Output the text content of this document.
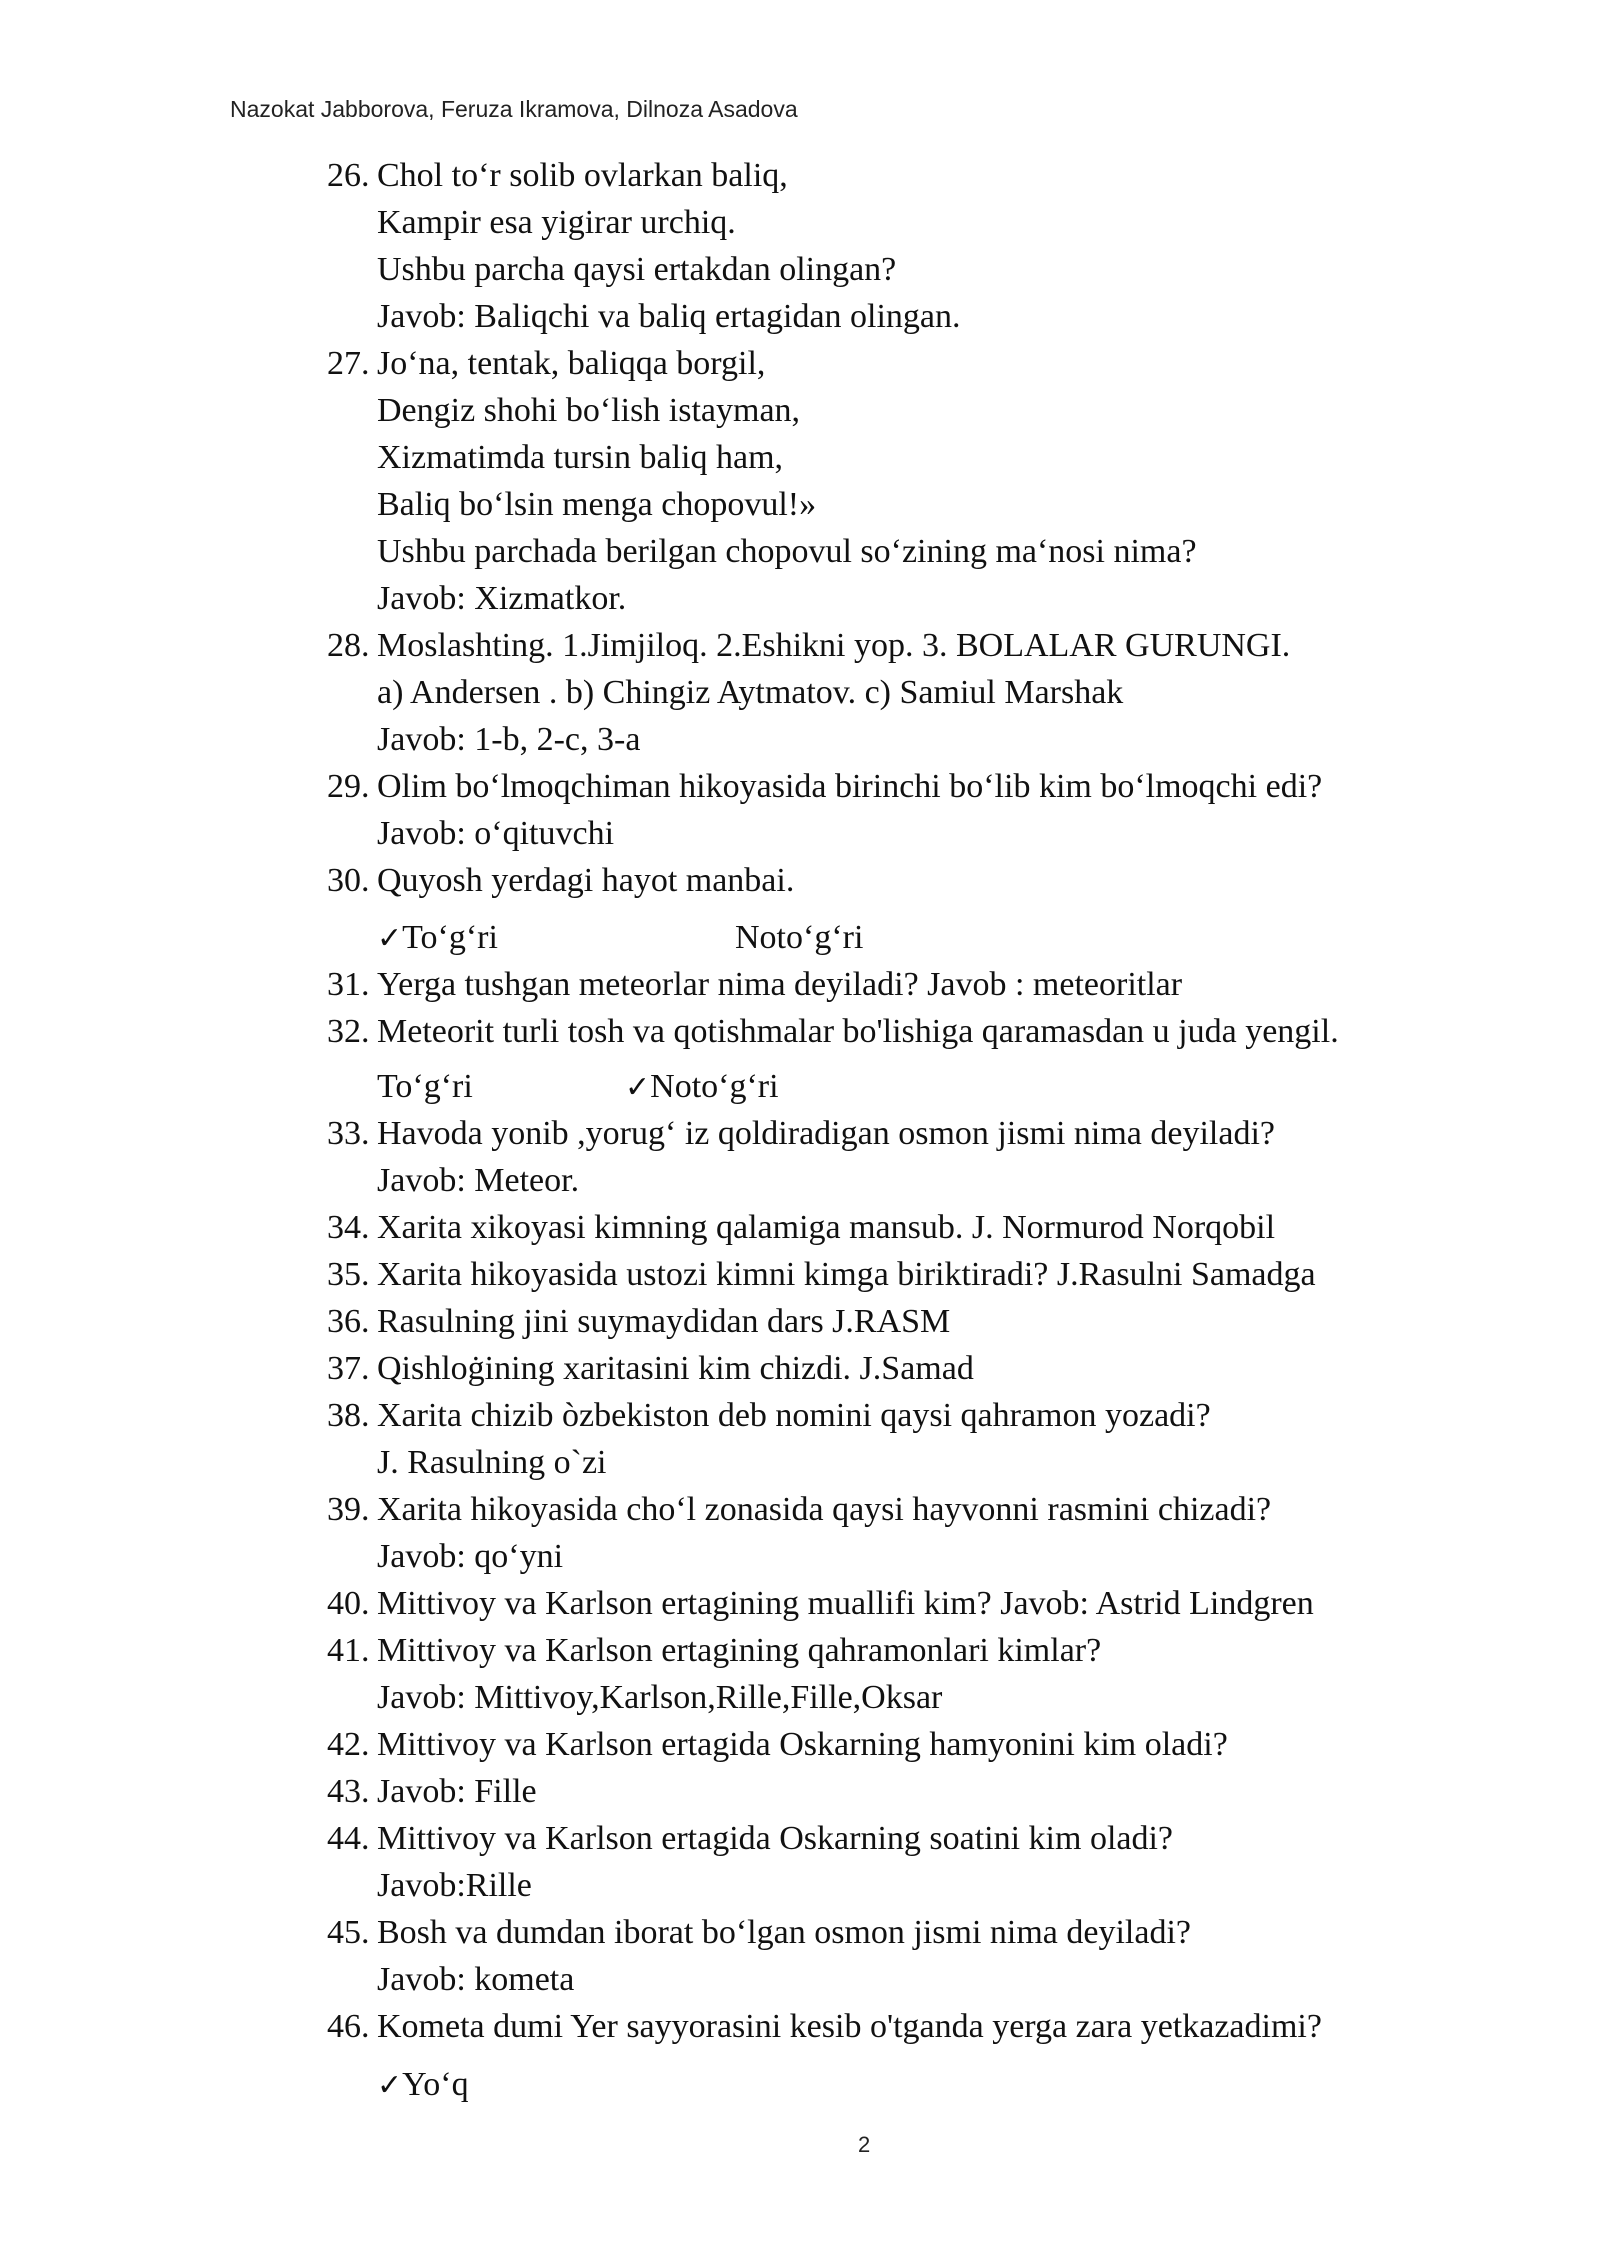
Nazokat Jabborova, Feruza Ikramova, Dilnoza Asadova
26. Chol to‘r solib ovlarkan baliq,
Kampir esa yigirar urchiq.
Ushbu parcha qaysi ertakdan olingan?
Javob: Baliqchi va baliq ertagidan olingan.
27. Jo‘na, tentak, baliqqa borgil,
Dengiz shohi bo‘lish istayman,
Xizmatimda tursin baliq ham,
Baliq bo‘lsin menga chopovul!»
Ushbu parchada berilgan chopovul so‘zining ma‘nosi nima?
Javob: Xizmatkor.
28. Moslashting. 1.Jimjiloq. 2.Eshikni yop. 3. BOLALAR GURUNGI.
a) Andersen . b) Chingiz Aytmatov. c) Samiul Marshak
Javob: 1-b, 2-c, 3-a
29. Olim bo‘lmoqchiman hikoyasida birinchi bo‘lib kim bo‘lmoqchi edi?
Javob: o‘qituvchi
30. Quyosh yerdagi hayot manbai.
31. Yerga tushgan meteorlar nima deyiladi? Javob : meteoritlar
32. Meteorit turli tosh va qotishmalar bo'lishiga qaramasdan u juda yengil.
33. Havoda yonib ,yorug‘ iz qoldiradigan osmon jismi nima deyiladi?
Javob: Meteor.
34. Xarita xikoyasi kimning qalamiga mansub. J. Normurod Norqobil
35. Xarita hikoyasida ustozi kimni kimga biriktiradi? J.Rasulni Samadga
36. Rasulning jini suymaydidan dars J.RASM
37. Qishloġining xaritasini kim chizdi. J.Samad
38. Xarita chizib òzbekiston deb nomini qaysi qahramon yozadi?
J. Rasulning o`zi
39. Xarita hikoyasida cho‘l zonasida qaysi hayvonni rasmini chizadi?
Javob: qo‘yni
40. Mittivoy va Karlson ertagining muallifi kim? Javob: Astrid Lindgren
41. Mittivoy va Karlson ertagining qahramonlari kimlar?
Javob: Mittivoy,Karlson,Rille,Fille,Oksar
42. Mittivoy va Karlson ertagida Oskarning hamyonini kim oladi?
43. Javob: Fille
44. Mittivoy va Karlson ertagida Oskarning soatini kim oladi?
Javob:Rille
45. Bosh va dumdan iborat bo‘lgan osmon jismi nima deyiladi?
Javob: kometa
46. Kometa dumi Yer sayyorasini kesib o'tganda yerga zara yetkazadimi?
✓To‘g‘ri	Noto‘g‘ri
To‘g‘ri	✓Noto‘g‘ri
✓Yo‘q
2
